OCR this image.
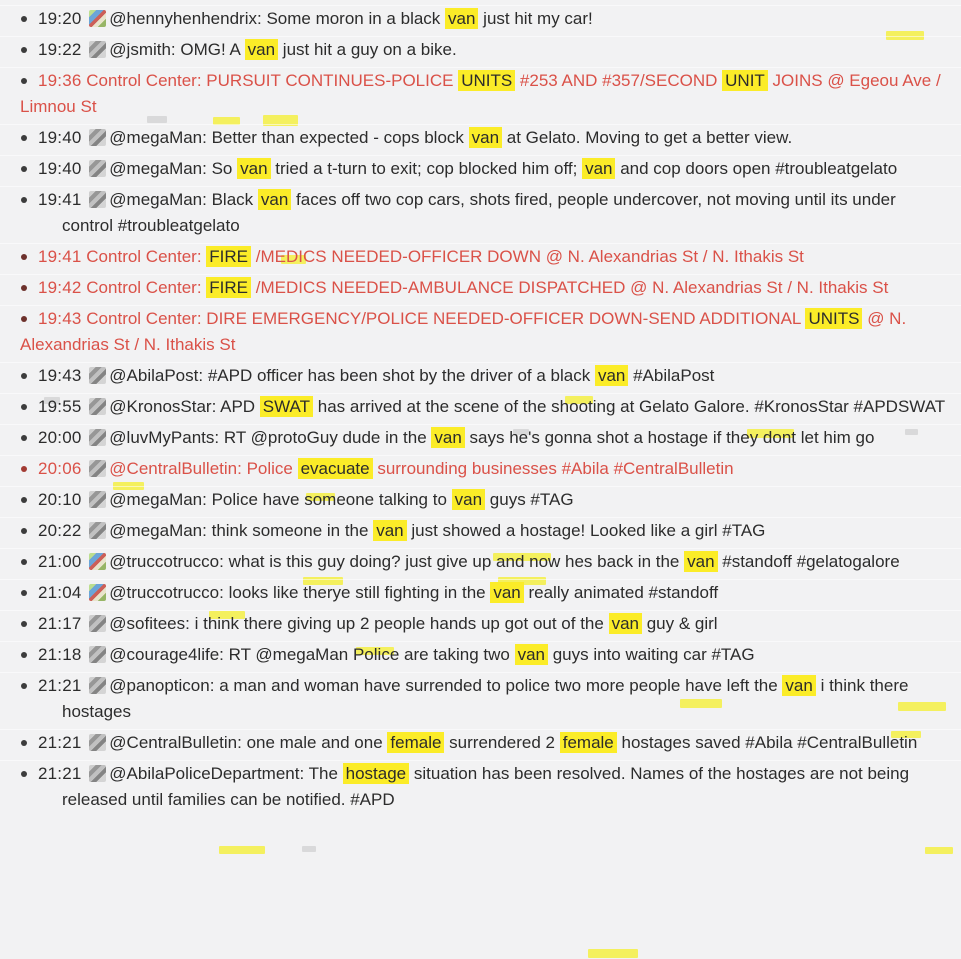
19:20 @hennyhenhendrix: Some moron in a black van just hit my car!
19:22 @jsmith: OMG! A van just hit a guy on a bike.
19:36 Control Center: PURSUIT CONTINUES-POLICE UNITS #253 AND #357/SECOND UNIT JOINS @ Egeou Ave / Limnou St
19:40 @megaMan: Better than expected - cops block van at Gelato. Moving to get a better view.
19:40 @megaMan: So van tried a t-turn to exit; cop blocked him off; van and cop doors open #troubleatgelato
19:41 @megaMan: Black van faces off two cop cars, shots fired, people undercover, not moving until its under control #troubleatgelato
19:41 Control Center: FIRE /MEDICS NEEDED-OFFICER DOWN @ N. Alexandrias St / N. Ithakis St
19:42 Control Center: FIRE /MEDICS NEEDED-AMBULANCE DISPATCHED @ N. Alexandrias St / N. Ithakis St
19:43 Control Center: DIRE EMERGENCY/POLICE NEEDED-OFFICER DOWN-SEND ADDITIONAL UNITS @ N. Alexandrias St / N. Ithakis St
19:43 @AbilaPost: #APD officer has been shot by the driver of a black van #AbilaPost
19:55 @KronosStar: APD SWAT has arrived at the scene of the shooting at Gelato Galore. #KronosStar #APDSWAT
20:00 @luvMyPants: RT @protoGuy dude in the van says he's gonna shot a hostage if they dont let him go
20:06 @CentralBulletin: Police evacuate surrounding businesses #Abila #CentralBulletin
20:10 @megaMan: Police have someone talking to van guys #TAG
20:22 @megaMan: think someone in the van just showed a hostage! Looked like a girl #TAG
21:00 @truccotrucco: what is this guy doing? just give up and now hes back in the van #standoff #gelatogalore
21:04 @truccotrucco: looks like therye still fighting in the van really animated #standoff
21:17 @sofitees: i think there giving up 2 people hands up got out of the van guy & girl
21:18 @courage4life: RT @megaMan Police are taking two van guys into waiting car #TAG
21:21 @panopticon: a man and woman have surrended to police two more people have left the van i think there hostages
21:21 @CentralBulletin: one male and one female surrendered 2 female hostages saved #Abila #CentralBulletin
21:21 @AbilaPoliceDepartment: The hostage situation has been resolved. Names of the hostages are not being released until families can be notified. #APD
